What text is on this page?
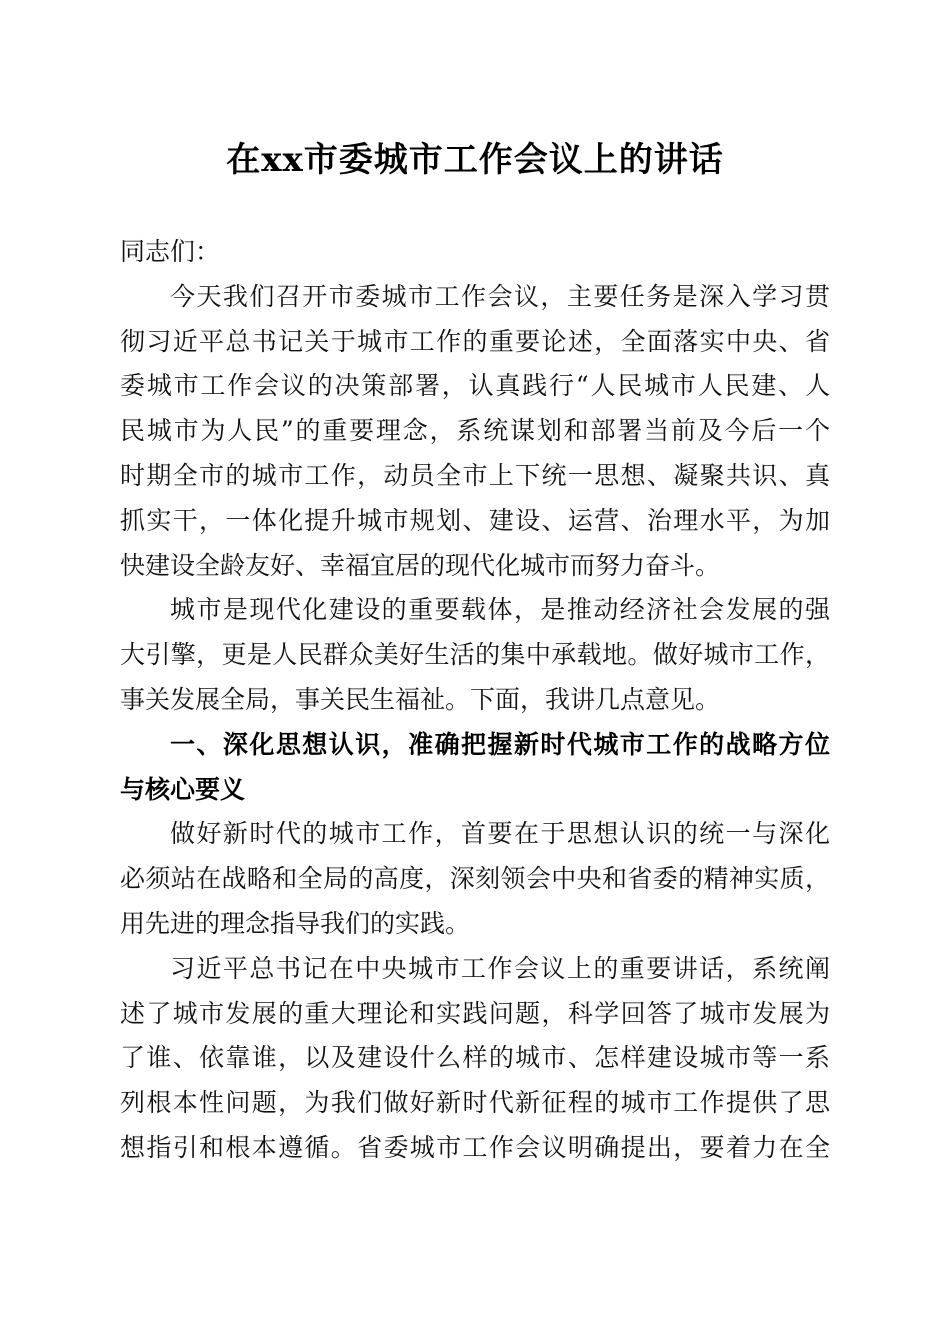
在xx市委城市工作会议上的讲话
同志们：
今天我们召开市委城市工作会议，主要任务是深入学习贯
彻习近平总书记关于城市工作的重要论述，全面落实中央、省
委城市工作会议的决策部署，认真践行“人民城市人民建、人
民城市为人民”的重要理念，系统谋划和部署当前及今后一个
时期全市的城市工作，动员全市上下统一思想、凝聚共识、真
抓实干，一体化提升城市规划、建设、运营、治理水平，为加
快建设全龄友好、幸福宜居的现代化城市而努力奋斗。
城市是现代化建设的重要载体，是推动经济社会发展的强
大引擎，更是人民群众美好生活的集中承载地。做好城市工作，
事关发展全局，事关民生福祉。下面，我讲几点意见。
一、深化思想认识，准确把握新时代城市工作的战略方位
与核心要义
做好新时代的城市工作，首要在于思想认识的统一与深化
必须站在战略和全局的高度，深刻领会中央和省委的精神实质，
用先进的理念指导我们的实践。
习近平总书记在中央城市工作会议上的重要讲话，系统阐
述了城市发展的重大理论和实践问题，科学回答了城市发展为
了谁、依靠谁，以及建设什么样的城市、怎样建设城市等一系
列根本性问题，为我们做好新时代新征程的城市工作提供了思
想指引和根本遵循。省委城市工作会议明确提出，要着力在全
